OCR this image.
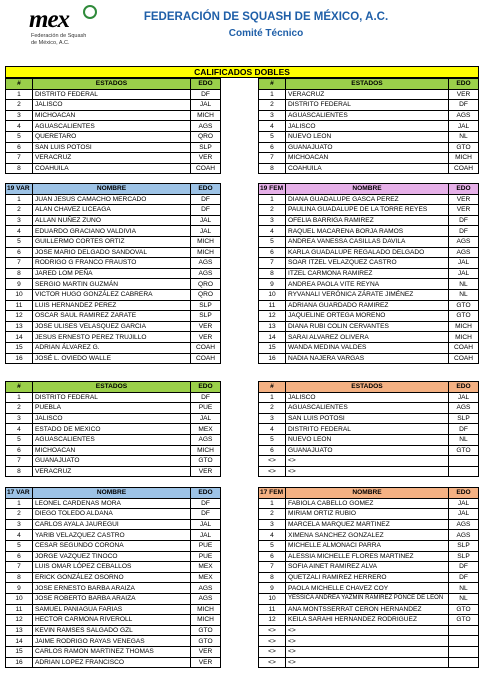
mex
Federación de Squash
de México, A.C.
FEDERACIÓN DE SQUASH DE MÉXICO, A.C.
Comité Técnico
CALIFICADOS DOBLES
#	ESTADOS	EDO
1	DISTRITO FEDERAL	DF
2	JALISCO	JAL
3	MICHOACAN	MICH
4	AGUASCALIENTES	AGS
5	QUERETARO	QRO
6	SAN LUIS POTOSI	SLP
7	VERACRUZ	VER
8	COAHUILA	COAH
#	ESTADOS	EDO
1	VERACRUZ	VER
2	DISTRITO FEDERAL	DF
3	AGUASCALIENTES	AGS
4	JALISCO	JAL
5	NUEVO LEON	NL
6	GUANAJUATO	GTO
7	MICHOACAN	MICH
8	COAHUILA	COAH
19 VAR	NOMBRE	EDO
1	JUAN JESUS CAMACHO MERCADO	DF
2	ALAN CHAVEZ LICEAGA	DF
3	ALLAN NUÑEZ ZUNO	JAL
4	EDUARDO GRACIANO VALDIVIA	JAL
5	GUILLERMO CORTES ORTIZ	MICH
6	JOSE MARIO DELGADO SANDOVAL	MICH
7	RODRIGO G FRANCO FRAUSTO	AGS
8	JARED LOM PEÑA	AGS
9	SERGIO MARTIN GUZMÁN	QRO
10	VICTOR HUGO GONZÁLEZ CABRERA	QRO
11	LUIS HERNANDEZ PEREZ	SLP
12	OSCAR SAUL RAMIREZ ZARATE	SLP
13	JOSE ULISES VELASQUEZ GARCIA	VER
14	JESUS ERNESTO PEREZ TRUJILLO	VER
15	ADRIAN ÁLVAREZ G.	COAH
16	JOSÉ L. OVIEDO WALLE	COAH
19 FEM	NOMBRE	EDO
1	DIANA GUADALUPE GASCA PEREZ	VER
2	PAULINA GUADALUPE DE LA TORRE REYES	VER
3	OFELIA BARRIGA RAMIREZ	DF
4	RAQUEL MACARENA BORJA RAMOS	DF
5	ANDREA VANESSA CASILLAS DAVILA	AGS
6	KARLA GUADALUPE REGALADO DELGADO	AGS
7	SOAR ITZEL VELAZQUEZ CASTRO	JAL
8	ITZEL CARMONA RAMIREZ	JAL
9	ANDREA PAOLA VITE REYNA	NL
10	RYVANALI VERÓNICA ZÁRATE JIMÉNEZ	NL
11	ADRIANA GUARDADO RAMIREZ	GTO
12	JAQUELINE ORTEGA MORENO	GTO
13	DIANA RUBI COLIN CERVANTES	MICH
14	SARAI ALVAREZ OLIVERA	MICH
15	WANDA MEDINA VALDES	COAH
16	NADIA NAJERA VARGAS	COAH
#	ESTADOS	EDO
1	DISTRITO FEDERAL	DF
2	PUEBLA	PUE
3	JALISCO	JAL
4	ESTADO DE MEXICO	MEX
5	AGUASCALIENTES	AGS
6	MICHOACAN	MICH
7	GUANAJUATO	GTO
8	VERACRUZ	VER
#	ESTADOS	EDO
1	JALISCO	JAL
2	AGUASCALIENTES	AGS
3	SAN LUIS POTOSI	SLP
4	DISTRITO FEDERAL	DF
5	NUEVO LEON	NL
6	GUANAJUATO	GTO
<>	<>	
<>	<>	
17 VAR	NOMBRE	EDO
1	LEONEL CARDENAS MORA	DF
2	DIEGO TOLEDO ALDANA	DF
3	CARLOS AYALA JAUREGUI	JAL
4	YARIB VELAZQUEZ CASTRO	JAL
5	CESAR SEGUNDO CORONA	PUE
6	JORGE VAZQUEZ TINOCO	PUE
7	LUIS OMAR LÓPEZ CEBALLOS	MEX
8	ERICK GONZÁLEZ OSORNO	MEX
9	JOSE ERNESTO BARBA ARAIZA	AGS
10	JOSE ROBERTO BARBA ARAIZA	AGS
11	SAMUEL PANIAGUA FARIAS	MICH
12	HECTOR CARMONA RIVEROLL	MICH
13	KEVIN RAMSES SALGADO GZL	GTO
14	JAIME RODRIGO RAYAS VENEGAS	GTO
15	CARLOS RAMON MARTINEZ THOMAS	VER
16	ADRIAN LOPEZ FRANCISCO	VER
17 FEM	NOMBRE	EDO
1	FABIOLA CABELLO GOMEZ	JAL
2	MIRIAM ORTIZ RUBIO	JAL
3	MARCELA MARQUEZ MARTINEZ	AGS
4	XIMENA SANCHEZ GONZALEZ	AGS
5	MICHELLE ALMONACI PARRA	SLP
6	ALESSIA MICHELLE FLORES MARTINEZ	SLP
7	SOFIA AINET RAMIREZ ALVA	DF
8	QUETZALI RAMIREZ HERRERO	DF
9	PAOLA MICHELLE CHAVEZ COY	NL
10	YESSICA ANDREA YAZMIN RAMIREZ PONCE DE LEON	NL
11	ANA MONTSSERRAT CERON HERNANDEZ	GTO
12	KEILA SARAHI HERNANDEZ RODRIGUEZ	GTO
<>	<>	
<>	<>	
<>	<>	
<>	<>	
